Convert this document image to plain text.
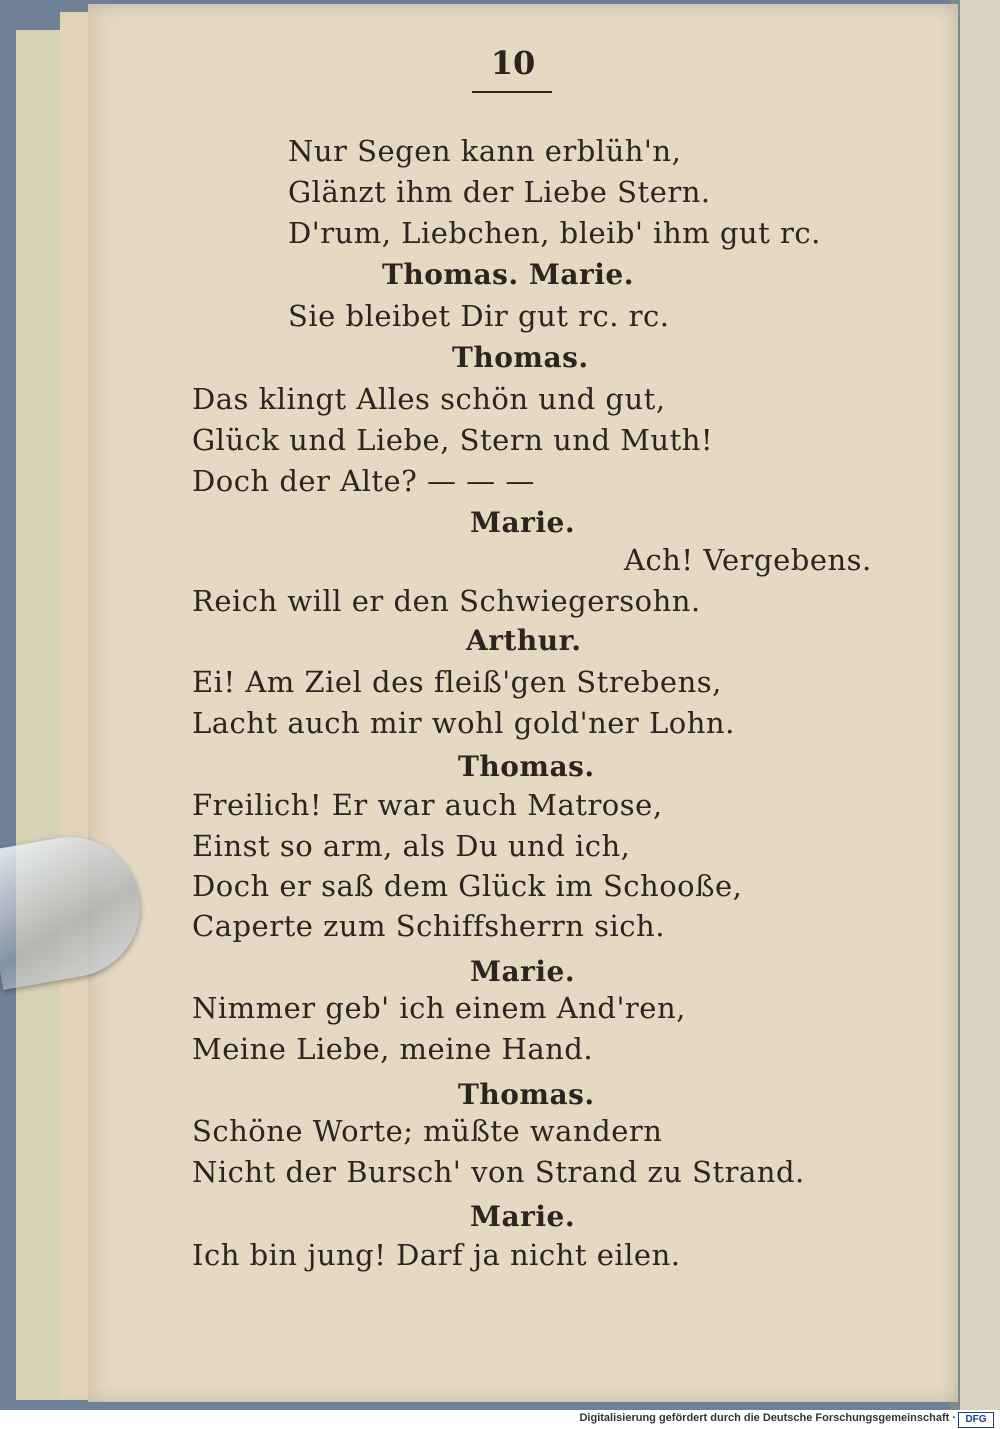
10
Nur Segen kann erblüh'n,
Glänzt ihm der Liebe Stern.
D'rum, Liebchen, bleib' ihm gut rc.
Thomas. Marie.
Sie bleibet Dir gut rc. rc.
Thomas.
Das klingt Alles schön und gut,
Glück und Liebe, Stern und Muth!
Doch der Alte? — — —
Marie.
Ach! Vergebens.
Reich will er den Schwiegersohn.
Arthur.
Ei! Am Ziel des fleiß'gen Strebens,
Lacht auch mir wohl gold'ner Lohn.
Thomas.
Freilich! Er war auch Matrose,
Einst so arm, als Du und ich,
Doch er saß dem Glück im Schooße,
Caperte zum Schiffsherrn sich.
Marie.
Nimmer geb' ich einem And'ren,
Meine Liebe, meine Hand.
Thomas.
Schöne Worte; müßte wandern
Nicht der Bursch' von Strand zu Strand.
Marie.
Ich bin jung! Darf ja nicht eilen.
Digitalisierung gefördert durch die Deutsche Forschungsgemeinschaft · DFG
